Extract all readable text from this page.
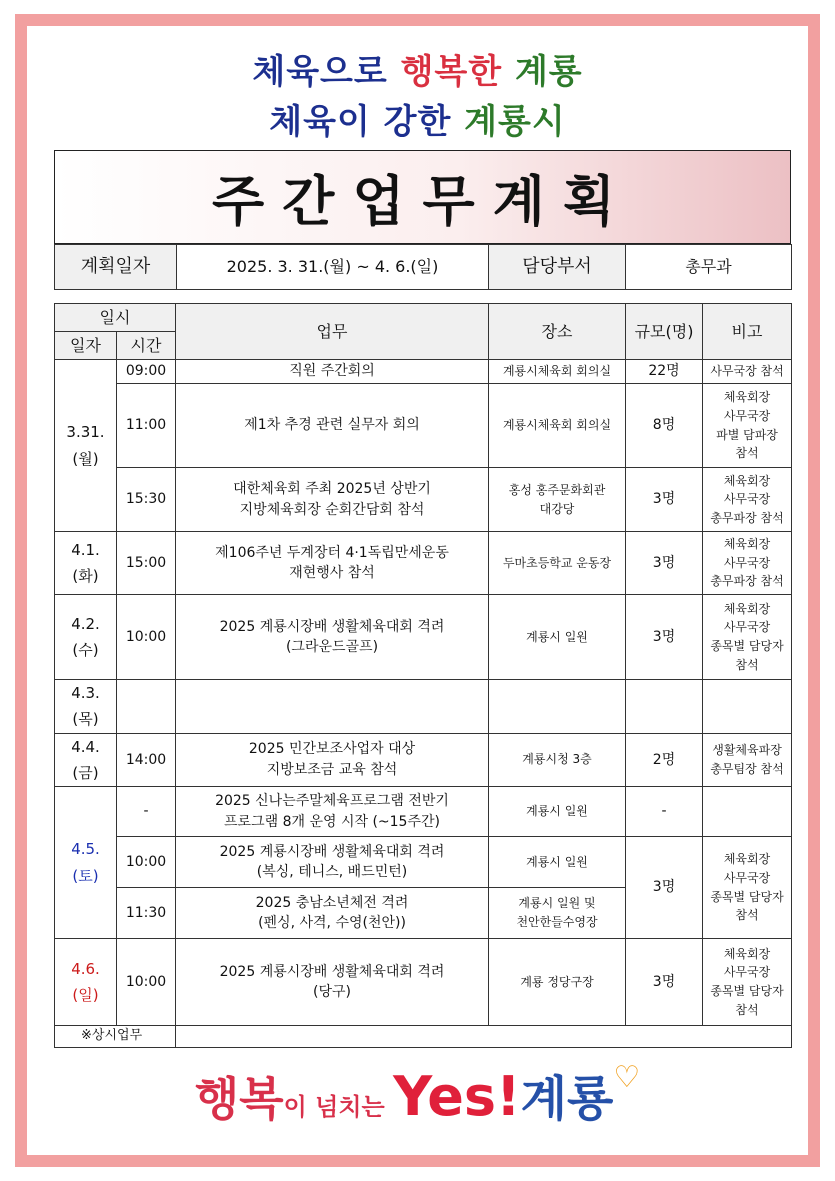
체육으로 행복한 계룡
체육이 강한 계룡시
주간업무계획
계획일자	2025. 3. 31.(월) ~ 4. 6.(일)	담당부서	총무과
일시		업무	장소	규모(명)	비고
일자	시간				
3.31.
(월)	09:00	직원 주간회의	계룡시체육회 회의실	22명	사무국장 참석
	11:00	제1차 추경 관련 실무자 회의	계룡시체육회 회의실	8명	체육회장
사무국장
파별 담파장
참석
	15:30	대한체육회 주최 2025년 상반기
지방체육회장 순회간담회 참석	홍성 홍주문화회관
대강당	3명	체육회장
사무국장
총무파장 참석
4.1.
(화)	15:00	제106주년 두계장터 4·1독립만세운동
재현행사 참석	두마초등학교 운동장	3명	체육회장
사무국장
총무파장 참석
4.2.
(수)	10:00	2025 계룡시장배 생활체육대회 격려
(그라운드골프)	계룡시 일원	3명	체육회장
사무국장
종목별 담당자
참석
4.3.
(목)					
4.4.
(금)	14:00	2025 민간보조사업자 대상
지방보조금 교육 참석	계룡시청 3층	2명	생활체육파장
총무팀장 참석
4.5.
(토)	-	2025 신나는주말체육프로그램 전반기
프로그램 8개 운영 시작 (~15주간)	계룡시 일원	-	
	10:00	2025 계룡시장배 생활체육대회 격려
(복싱, 테니스, 배드민턴)	계룡시 일원	3명	체육회장
사무국장
종목별 담당자
참석
	11:30	2025 충남소년체전 격려
(펜싱, 사격, 수영(천안))	계룡시 일원 및
천안한들수영장		
4.6.
(일)	10:00	2025 계룡시장배 생활체육대회 격려
(당구)	계룡 정당구장	3명	체육회장
사무국장
종목별 담당자
참석
※상시업무					
행복이 넘치는 Yes!계룡♡
